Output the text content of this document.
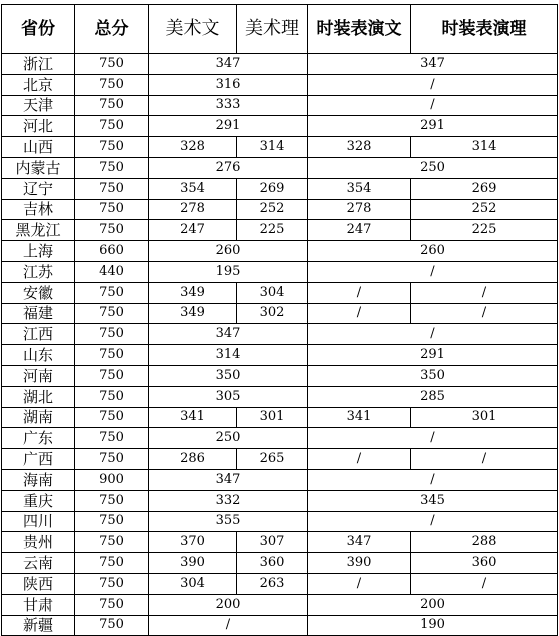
省份	总分	美术文	美术理	时装表演文	时装表演理
浙江	750	347		347	
北京	750	316		/	
天津	750	333		/	
河北	750	291		291	
山西	750	328	314	328	314
内蒙古	750	276		250	
辽宁	750	354	269	354	269
吉林	750	278	252	278	252
黑龙江	750	247	225	247	225
上海	660	260		260	
江苏	440	195		/	
安徽	750	349	304	/	/
福建	750	349	302	/	/
江西	750	347		/	
山东	750	314		291	
河南	750	350		350	
湖北	750	305		285	
湖南	750	341	301	341	301
广东	750	250		/	
广西	750	286	265	/	/
海南	900	347		/	
重庆	750	332		345	
四川	750	355		/	
贵州	750	370	307	347	288
云南	750	390	360	390	360
陕西	750	304	263	/	/
甘肃	750	200		200	
新疆	750	/		190	
